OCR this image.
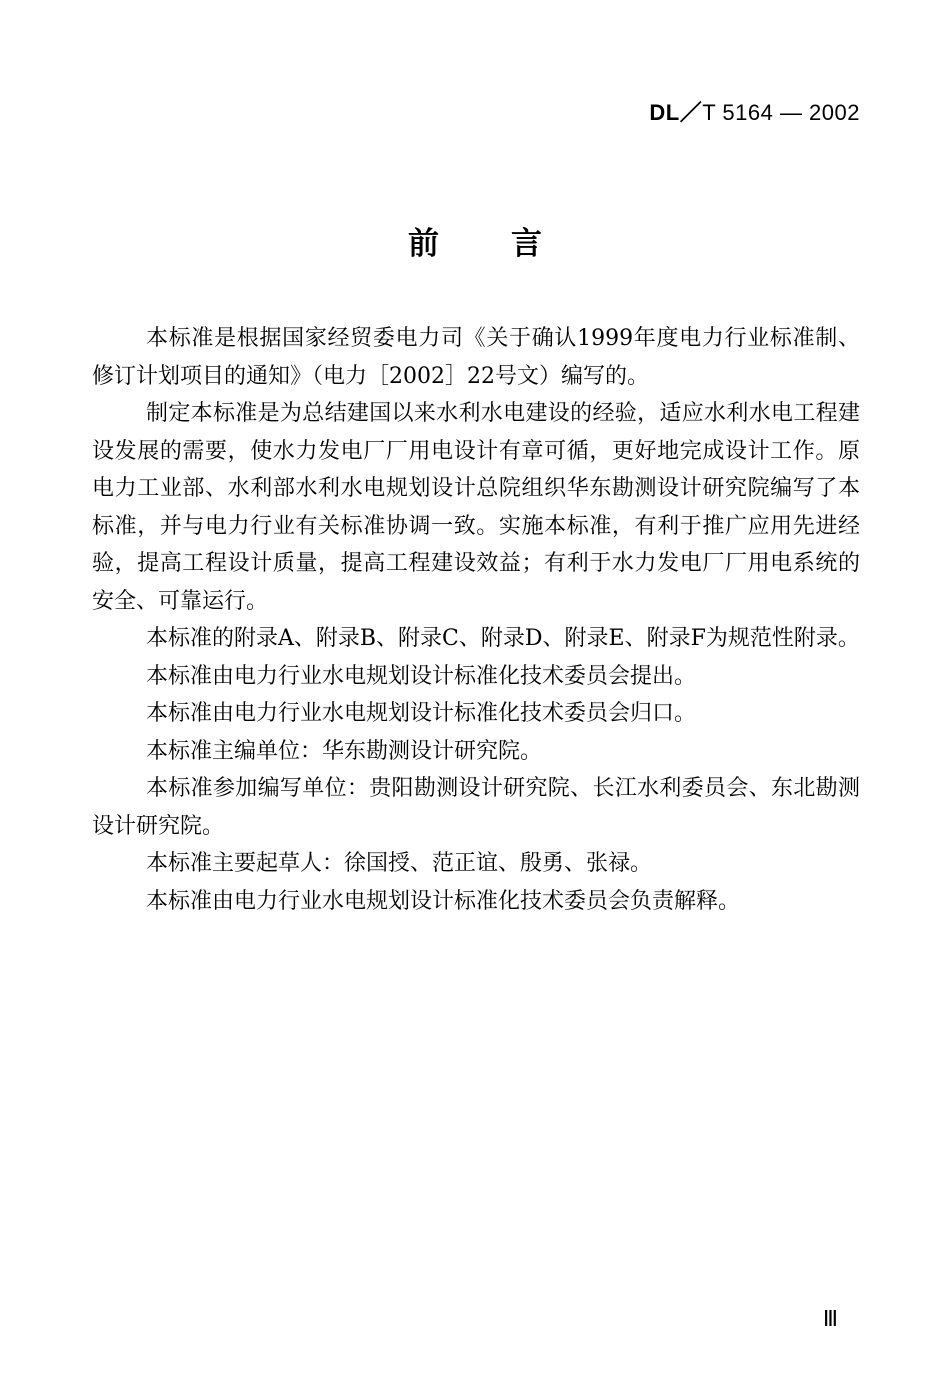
DL／T 5164 — 2002
前言

本标准是根据国家经贸委电力司《关于确认1999年度电力行业标准制、修订计划项目的通知》（电力［2002］22号文）编写的。

制定本标准是为总结建国以来水利水电建设的经验，适应水利水电工程建设发展的需要，使水力发电厂厂用电设计有章可循，更好地完成设计工作。原电力工业部、水利部水利水电规划设计总院组织华东勘测设计研究院编写了本标准，并与电力行业有关标准协调一致。实施本标准，有利于推广应用先进经验，提高工程设计质量，提高工程建设效益；有利于水力发电厂厂用电系统的安全、可靠运行。

本标准的附录A、附录B、附录C、附录D、附录E、附录F为规范性附录。

本标准由电力行业水电规划设计标准化技术委员会提出。

本标准由电力行业水电规划设计标准化技术委员会归口。

本标准主编单位：华东勘测设计研究院。

本标准参加编写单位：贵阳勘测设计研究院、长江水利委员会、东北勘测设计研究院。

本标准主要起草人：徐国授、范正谊、殷勇、张禄。

本标准由电力行业水电规划设计标准化技术委员会负责解释。

Ⅲ
